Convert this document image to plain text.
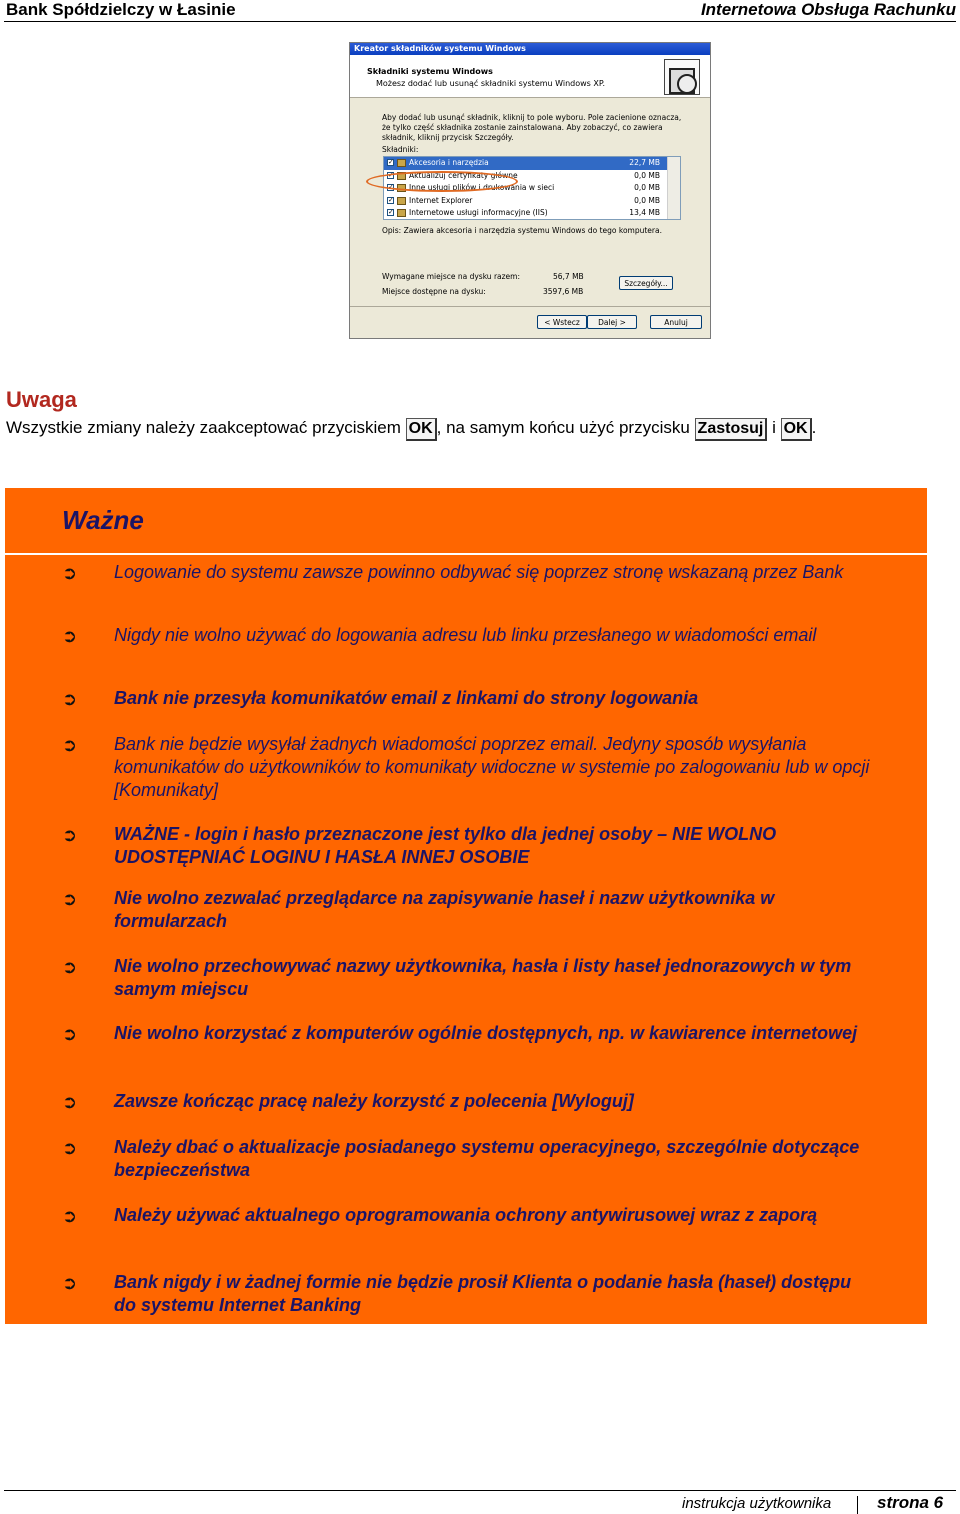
Bank Spółdzielczy w Łasinie	Internetowa Obsługa Rachunku
Kreator składników systemu Windows
Składniki systemu Windows
Możesz dodać lub usunąć składniki systemu Windows XP.
Aby dodać lub usunąć składnik, kliknij to pole wyboru. Pole zacienione oznacza, że tylko część składnika zostanie zainstalowana. Aby zobaczyć, co zawiera składnik, kliknij przycisk Szczegóły.
Składniki:
✓
Akcesoria i narzędzia	22,7 MB
✓
Aktualizuj certyfikaty główne	0,0 MB
✓
Inne usługi plików i drukowania w sieci	0,0 MB
✓
Internet Explorer	0,0 MB
✓
Internetowe usługi informacyjne (IIS)	13,4 MB
Opis: Zawiera akcesoria i narzędzia systemu Windows do tego komputera.
Wymagane miejsce na dysku razem:	56,7 MB
Miejsce dostępne na dysku:	3597,6 MB
Szczegóły...
< Wstecz	Dalej >	Anuluj
Uwaga
Wszystkie zmiany należy zaakceptować przyciskiem OK , na samym końcu użyć przycisku Zastosuj i OK .
Ważne
➲ Logowanie do systemu zawsze powinno odbywać się poprzez stronę wskazaną przez Bank
➲ Nigdy nie wolno używać do logowania adresu lub linku przesłanego w wiadomości email
➲ Bank nie przesyła komunikatów email z linkami do strony logowania
➲ Bank nie będzie wysyłał żadnych wiadomości poprzez email. Jedyny sposób wysyłania komunikatów do użytkowników to komunikaty widoczne w systemie po zalogowaniu lub w opcji [Komunikaty]
➲ WAŻNE - login i hasło przeznaczone jest tylko dla jednej osoby – NIE WOLNO UDOSTĘPNIAĆ LOGINU I HASŁA INNEJ OSOBIE
➲ Nie wolno zezwalać przeglądarce na zapisywanie haseł i nazw użytkownika w formularzach
➲ Nie wolno przechowywać nazwy użytkownika, hasła i listy haseł jednorazowych w tym samym miejscu
➲ Nie wolno korzystać z komputerów ogólnie dostępnych, np. w kawiarence internetowej
➲ Zawsze kończąc pracę należy korzystć z polecenia [Wyloguj]
➲ Należy dbać o aktualizacje posiadanego systemu operacyjnego, szczególnie dotyczące bezpieczeństwa
➲ Należy używać aktualnego oprogramowania ochrony antywirusowej wraz z zaporą
➲ Bank nigdy i w żadnej formie nie będzie prosił Klienta o podanie hasła (haseł) dostępu do systemu Internet Banking
instrukcja użytkownika	strona 6
